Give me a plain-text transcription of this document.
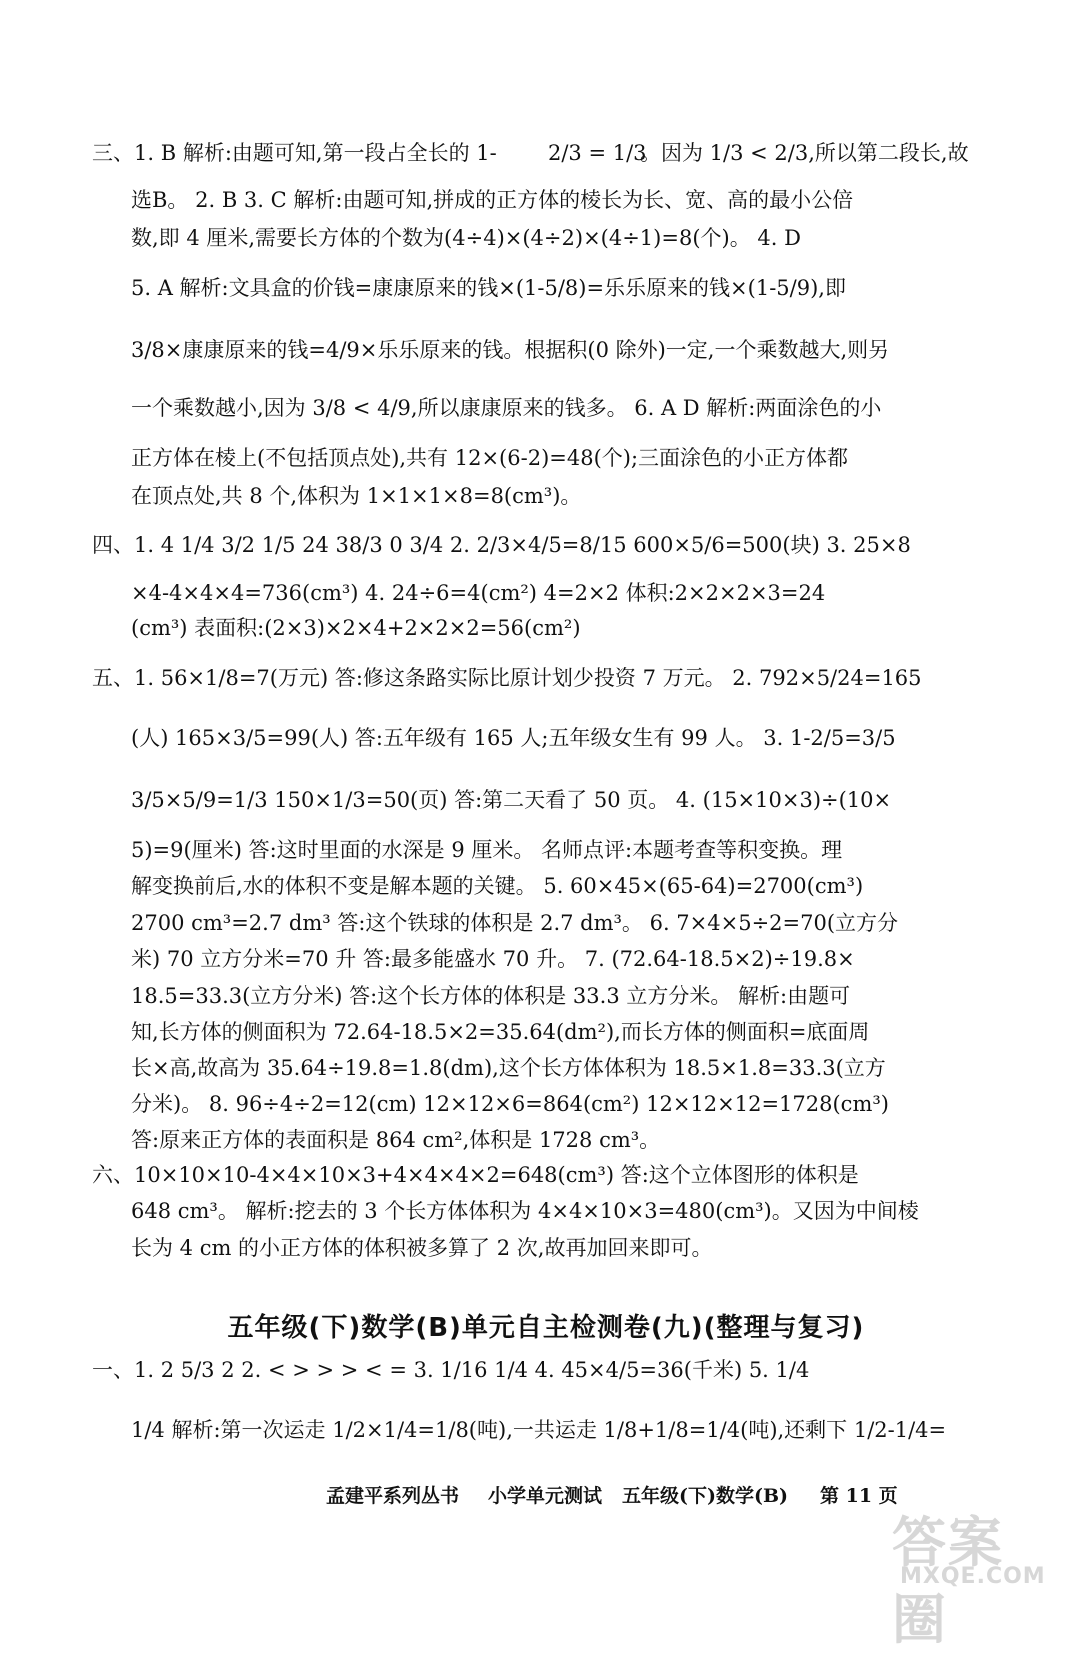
三、1. B 解析:由题可知,第一段占全长的 1- 2/3 = 1/3
。因为 1/3 < 2/3,所以第二段长,故
选B。 2. B 3. C 解析:由题可知,拼成的正方体的棱长为长、宽、高的最小公倍
数,即 4 厘米,需要长方体的个数为(4÷4)×(4÷2)×(4÷1)=8(个)。 4. D
5. A 解析:文具盒的价钱=康康原来的钱×(1-5/8)=乐乐原来的钱×(1-5/9),即
3/8×康康原来的钱=4/9×乐乐原来的钱。根据积(0 除外)一定,一个乘数越大,则另
一个乘数越小,因为 3/8 < 4/9,所以康康原来的钱多。 6. A D 解析:两面涂色的小
正方体在棱上(不包括顶点处),共有 12×(6-2)=48(个);三面涂色的小正方体都
在顶点处,共 8 个,体积为 1×1×1×8=8(cm³)。
四、1. 4 1/4 3/2 1/5 24 38/3 0 3/4 2. 2/3×4/5=8/15 600×5/6=500(块) 3. 25×8
×4-4×4×4=736(cm³) 4. 24÷6=4(cm²) 4=2×2 体积:2×2×2×3=24
(cm³) 表面积:(2×3)×2×4+2×2×2=56(cm²)
五、1. 56×1/8=7(万元) 答:修这条路实际比原计划少投资 7 万元。 2. 792×5/24=165
(人) 165×3/5=99(人) 答:五年级有 165 人;五年级女生有 99 人。 3. 1-2/5=3/5
3/5×5/9=1/3 150×1/3=50(页) 答:第二天看了 50 页。 4. (15×10×3)÷(10×
5)=9(厘米) 答:这时里面的水深是 9 厘米。 名师点评:本题考查等积变换。理
解变换前后,水的体积不变是解本题的关键。 5. 60×45×(65-64)=2700(cm³)
2700 cm³=2.7 dm³ 答:这个铁球的体积是 2.7 dm³。 6. 7×4×5÷2=70(立方分
米) 70 立方分米=70 升 答:最多能盛水 70 升。 7. (72.64-18.5×2)÷19.8×
18.5=33.3(立方分米) 答:这个长方体的体积是 33.3 立方分米。 解析:由题可
知,长方体的侧面积为 72.64-18.5×2=35.64(dm²),而长方体的侧面积=底面周
长×高,故高为 35.64÷19.8=1.8(dm),这个长方体体积为 18.5×1.8=33.3(立方
分米)。 8. 96÷4÷2=12(cm) 12×12×6=864(cm²) 12×12×12=1728(cm³)
答:原来正方体的表面积是 864 cm²,体积是 1728 cm³。
六、10×10×10-4×4×10×3+4×4×4×2=648(cm³) 答:这个立体图形的体积是
648 cm³。 解析:挖去的 3 个长方体体积为 4×4×10×3=480(cm³)。又因为中间棱
长为 4 cm 的小正方体的体积被多算了 2 次,故再加回来即可。
五年级(下)数学(B)单元自主检测卷(九)(整理与复习)
一、1. 2 5/3 2 2. < > > > < = 3. 1/16 1/4 4. 45×4/5=36(千米) 5. 1/4
1/4 解析:第一次运走 1/2×1/4=1/8(吨),一共运走 1/8+1/8=1/4(吨),还剩下 1/2-1/4=
孟建平系列丛书 小学单元测试 五年级(下)数学(B) 第 11 页
答案圈
MXQE.COM
